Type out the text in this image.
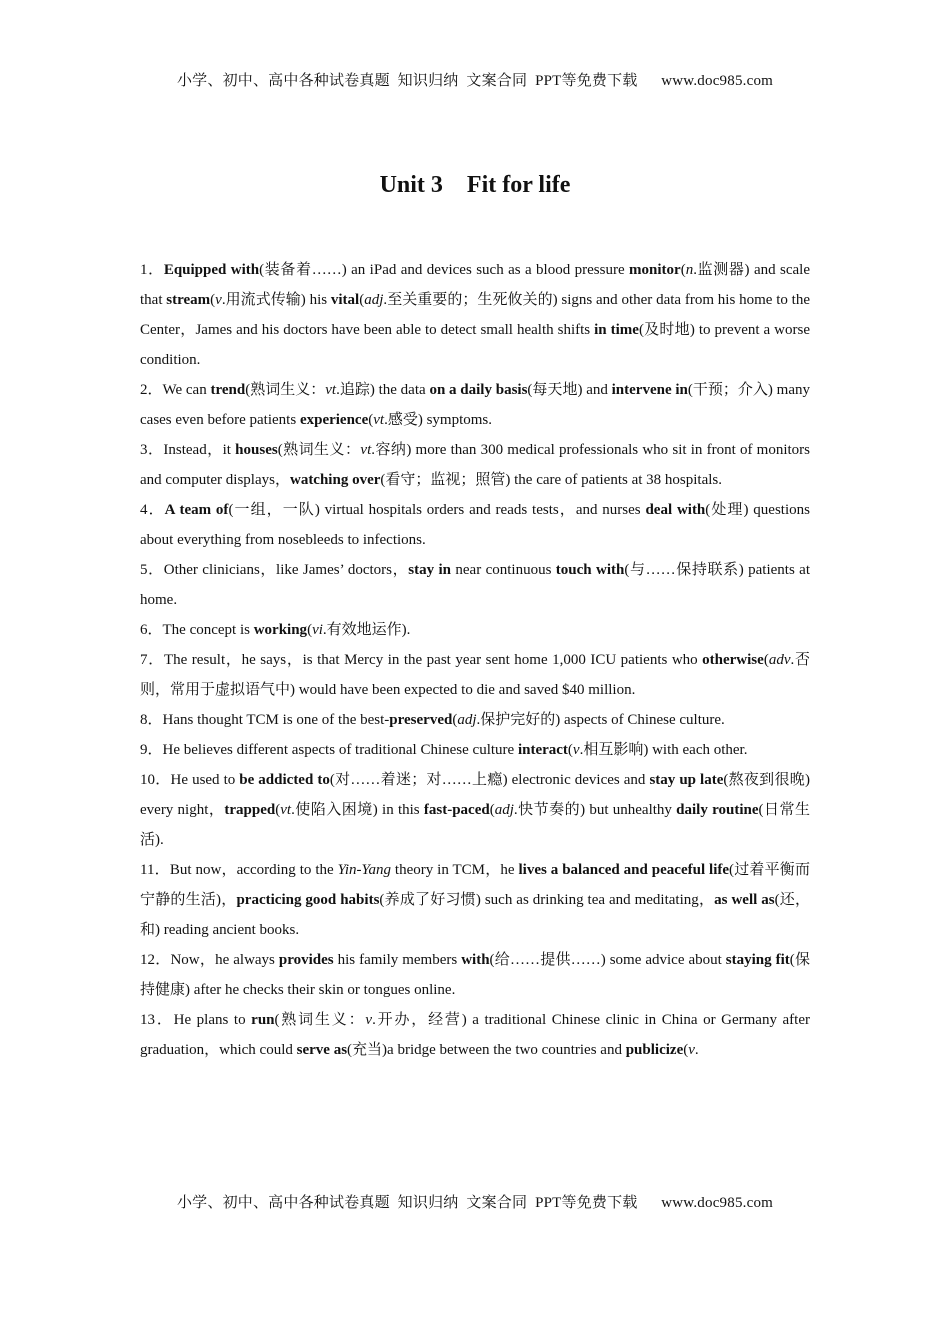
小学、初中、高中各种试卷真题  知识归纳  文案合同  PPT等免费下载      www.doc985.com
Unit 3    Fit for life

1．Equipped with(装备着……) an iPad and devices such as a blood pressure monitor(n.监测器) and scale that stream(v.用流式传输) his vital(adj.至关重要的；生死攸关的) signs and other data from his home to the Center，James and his doctors have been able to detect small health shifts in time(及时地) to prevent a worse condition.

2．We can trend(熟词生义：vt.追踪) the data on a daily basis(每天地) and intervene in(干预；介入) many cases even before patients experience(vt.感受) symptoms.

3．Instead，it houses(熟词生义：vt.容纳) more than 300 medical professionals who sit in front of monitors and computer displays，watching over(看守；监视；照管) the care of patients at 38 hospitals.

4．A team of(一组，一队) virtual hospitals orders and reads tests，and nurses deal with(处理) questions about everything from nosebleeds to infections.

5．Other clinicians，like James’ doctors，stay in near continuous touch with(与……保持联系) patients at home.

6．The concept is working(vi.有效地运作).

7．The result，he says，is that Mercy in the past year sent home 1,000 ICU patients who otherwise(adv.否则，常用于虚拟语气中) would have been expected to die and saved $40 million.

8．Hans thought TCM is one of the best-preserved(adj.保护完好的) aspects of Chinese culture.

9．He believes different aspects of traditional Chinese culture interact(v.相互影响) with each other.

10．He used to be addicted to(对……着迷；对……上瘾) electronic devices and stay up late(熬夜到很晚) every night，trapped(vt.使陷入困境) in this fast-paced(adj.快节奏的) but unhealthy daily routine(日常生活).

11．But now，according to the Yin-Yang theory in TCM，he lives a balanced and peaceful life(过着平衡而宁静的生活)，practicing good habits(养成了好习惯) such as drinking tea and meditating，as well as(还，和) reading ancient books.

12．Now，he always provides his family members with(给……提供……) some advice about staying fit(保持健康) after he checks their skin or tongues online.

13．He plans to run(熟词生义：v.开办，经营) a traditional Chinese clinic in China or Germany after graduation，which could serve as(充当)a bridge between the two countries and publicize(v.

小学、初中、高中各种试卷真题  知识归纳  文案合同  PPT等免费下载      www.doc985.com
